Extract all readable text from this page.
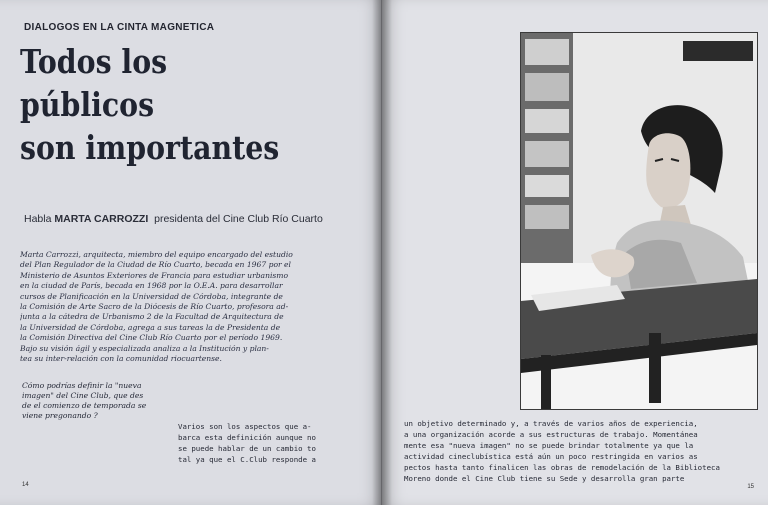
DIALOGOS EN LA CINTA MAGNETICA
Todos los
públicos
son importantes
Habla MARTA CARROZZI presidenta del Cine Club Río Cuarto
Marta Carrozzi, arquitecta, miembro del equipo encargado del estudio
del Plan Regulador de la Ciudad de Río Cuarto, becada en 1967 por el
Ministerio de Asuntos Exteriores de Francia para estudiar urbanismo
en la ciudad de París, becada en 1968 por la O.E.A. para desarrollar
cursos de Planificación en la Universidad de Córdoba, integrante de
la Comisión de Arte Sacro de la Diócesis de Río Cuarto, profesora ad-
junta a la cátedra de Urbanismo 2 de la Facultad de Arquitectura de
la Universidad de Córdoba, agrega a sus tareas la de Presidenta de
la Comisión Directiva del Cine Club Río Cuarto por el período 1969.
Bajo su visión ágil y especializada analiza a la Institución y plan-
tea su inter-relación con la comunidad riocuartense.
Cómo podrías definir la "nueva
imagen" del Cine Club, que des
de el comienzo de temporada se
viene pregonando ?
Varios son los aspectos que a-
barca esta definición aunque no
se puede hablar de un cambio to
tal ya que el C.Club responde a
14
un objetivo determinado y, a través de varios años de experiencia,
a una organización acorde a sus estructuras de trabajo. Momentánea
mente esa "nueva imagen" no se puede brindar totalmente ya que la
actividad cineclubística está aún un poco restringida en varios as
pectos hasta tanto finalicen las obras de remodelación de la Biblioteca
Moreno donde el Cine Club tiene su Sede y desarrolla gran parte
15
